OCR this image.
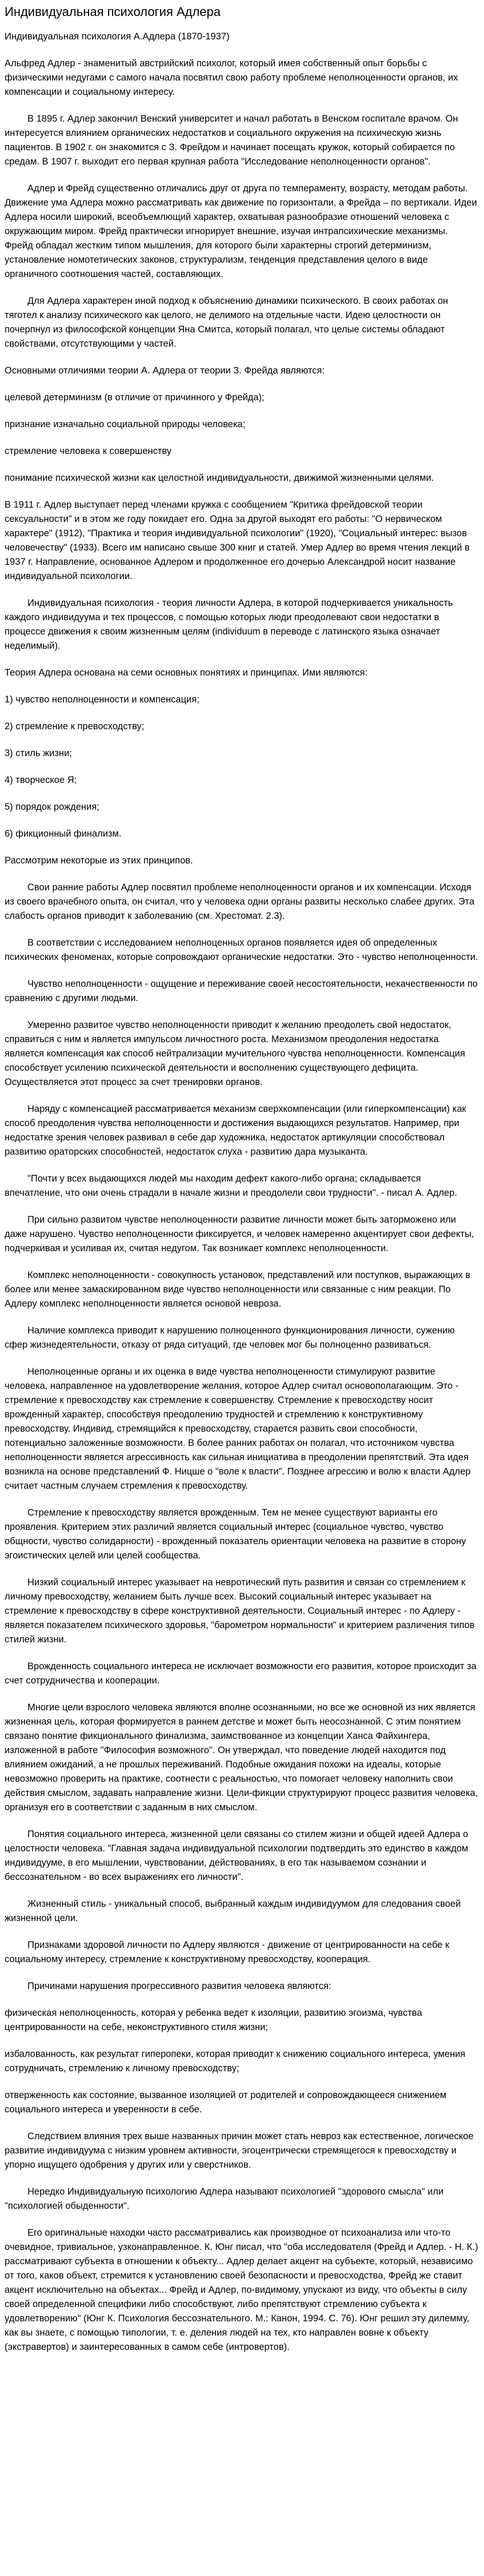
Индивидуальная психология Адлера

Индивидуальная психология А.Адлера (1870-1937)

Альфред Адлер - знаменитый австрийский психолог, который имея собственный опыт борьбы с физическими недугами с самого начала посвятил свою работу проблеме неполноценности органов, их компенсации и социальному интересу.

В 1895 г. Адлер закончил Венский университет и начал работать в Венском госпитале врачом. Он интересуется влиянием органических недостатков и социального окружения на психическую жизнь пациентов. В 1902 г. он знакомится с З. Фрейдом и начинает посещать кружок, который собирается по средам. В 1907 г. выходит его первая крупная работа "Исследование неполноценности органов".

Адлер и Фрейд существенно отличались друг от друга по темпераменту, возрасту, методам работы. Движение ума Адлера можно рассматривать как движение по горизонтали, а Фрейда – по вертикали. Идеи Адлера носили широкий, всеобъемлющий характер, охватывая разнообразие отношений человека с окружающим миром. Фрейд практически игнорирует внешние, изучая интрапсихические механизмы. Фрейд обладал жестким типом мышления, для которого были характерны строгий детерминизм, установление номотетических законов, структурализм, тенденция представления целого в виде органичного соотношения частей, составляющих.

Для Адлера характерен иной подход к объяснению динамики психического. В своих работах он тяготел к анализу психического как целого, не делимого на отдельные части. Идею целостности он почерпнул из философской концепции Яна Смитса, который полагал, что целые системы обладают свойствами, отсутствующими у частей.

Основными отличиями теории А. Адлера от теории З. Фрейда являются:

целевой детерминизм (в отличие от причинного у Фрейда);

признание изначально социальной природы человека;

стремление человека к совершенству

понимание психической жизни как целостной индивидуальности, движимой жизненными целями.

В 1911 г. Адлер выступает перед членами кружка с сообщением "Критика фрейдовской теории сексуальности" и в этом же году покидает его. Одна за другой выходят его работы: "О нервическом характере" (1912), "Практика и теория индивидуальной психологии" (1920), "Социальный интерес: вызов человечеству" (1933). Всего им написано свыше 300 книг и статей. Умер Адлер во время чтения лекций в 1937 г. Направление, основанное Адлером и продолженное его дочерью Александрой носит название индивидуальной психологии.

Индивидуальная психология - теория личности Адлера, в которой подчеркивается уникальность каждого индивидуума и тех процессов, с помощью которых люди преодолевают свои недостатки в процессе движения к своим жизненным целям (individuum в переводе с латинского языка означает неделимый).

Теория Адлера основана на семи основных понятиях и принципах. Ими являются:

1) чувство неполноценности и компенсация;

2) стремление к превосходству;

3) стиль жизни;

4) творческое Я;

5) порядок рождения;

6) фикционный финализм.

Рассмотрим некоторые из этих принципов.

Свои ранние работы Адлер посвятил проблеме неполноценности органов и их компенсации. Исходя из своего врачебного опыта, он считал, что у человека одни органы развиты несколько слабее других. Эта слабость органов приводит к заболеванию (см. Хрестомат. 2.3).

В соответствии с исследованием неполноценных органов появляется идея об определенных психических феноменах, которые сопровождают органические недостатки. Это - чувство неполноценности.

Чувство неполноценности - ощущение и переживание своей несостоятельности, некачественности по сравнению с другими людьми.

Умеренно развитое чувство неполноценности приводит к желанию преодолеть свой недостаток, справиться с ним и является импульсом личностного роста. Механизмом преодоления недостатка является компенсация как способ нейтрализации мучительного чувства неполноценности. Компенсация способствует усилению психической деятельности и восполнению существующего дефицита. Осуществляется этот процесс за счет тренировки органов.

Наряду с компенсацией рассматривается механизм сверхкомпенсации (или гиперкомпенсации) как способ преодоления чувства неполноценности и достижения выдающихся результатов. Например, при недостатке зрения человек развивал в себе дар художника, недостаток артикуляции способствовал развитию ораторских способностей, недостаток слуха - развитию дара музыканта.

"Почти у всех выдающихся людей мы находим дефект какого-либо органа; складывается впечатление, что они очень страдали в начале жизни и преодолели свои трудности". - писал А. Адлер.

При сильно развитом чувстве неполноценности развитие личности может быть заторможено или даже нарушено. Чувство неполноценности фиксируется, и человек намеренно акцентирует свои дефекты, подчеркивая и усиливая их, считая недугом. Так возникает комплекс неполноценности.

Комплекс неполноценности - совокупность установок, представлений или поступков, выражающих в более или менее замаскированном виде чувство неполноценности или связанные с ним реакции. По Адлеру комплекс неполноценности является основой невроза.

Наличие комплекса приводит к нарушению полноценного функционирования личности, сужению сфер жизнедеятельности, отказу от ряда ситуаций, где человек мог бы полноценно развиваться.

Неполноценные органы и их оценка в виде чувства неполноценности стимулируют развитие человека, направленное на удовлетворение желания, которое Адлер считал основополагающим. Это - стремление к превосходству как стремление к совершенству. Стремление к превосходству носит врожденный характер, способствуя преодолению трудностей и стремлению к конструктивному превосходству. Индивид, стремящийся к превосходству, старается развить свои способности, потенциально заложенные возможности. В более ранних работах он полагал, что источником чувства неполноценности является агрессивность как сильная инициатива в преодолении препятствий. Эта идея возникла на основе представлений Ф. Ницше о "воле к власти". Позднее агрессию и волю к власти Адлер считает частным случаем стремления к превосходству.

Стремление к превосходству является врожденным. Тем не менее существуют варианты его проявления. Критерием этих различий является социальный интерес (социальное чувство, чувство общности, чувство солидарности) - врожденный показатель ориентации человека на развитие в сторону эгоистических целей или целей сообщества.

Низкий социальный интерес указывает на невротический путь развития и связан со стремлением к личному превосходству, желанием быть лучше всех. Высокий социальный интерес указывает на стремление к превосходству в сфере конструктивной деятельности. Социальный интерес - по Адлеру - является показателем психического здоровья, "барометром нормальности" и критерием различения типов стилей жизни.

Врожденность социального интереса не исключает возможности его развития, которое происходит за счет сотрудничества и кооперации.

Многие цели взрослого человека являются вполне осознанными, но все же основной из них является жизненная цель, которая формируется в раннем детстве и может быть неосознанной. С этим понятием связано понятие фикционального финализма, заимствованное из концепции Ханса Файхингера, изложенной в работе "Философия возможного". Он утверждал, что поведение людей находится под влиянием ожиданий, а не прошлых переживаний. Подобные ожидания похожи на идеалы, которые невозможно проверить на практике, соотнести с реальностью, что помогает человеку наполнить свои действия смыслом, задавать направление жизни. Цели-фикции структурируют процесс развития человека, организуя его в соответствии с заданным в них смыслом.

Понятия социального интереса, жизненной цели связаны со стилем жизни и общей идеей Адлера о целостности человека. "Главная задача индивидуальной психологии подтвердить это единство в каждом индивидууме, в его мышлении, чувствовании, действованиях, в его так называемом сознании и бессознательном - во всех выражениях его личности".

Жизненный стиль - уникальный способ, выбранный каждым индивидуумом для следования своей жизненной цели.

Признаками здоровой личности по Адлеру являются - движение от центрированности на себе к социальному интересу, стремление к конструктивному превосходству, кооперация.

Причинами нарушения прогрессивного развития человека являются:

физическая неполноценность, которая у ребенка ведет к изоляции, развитию эгоизма, чувства центрированности на себе, неконструктивного стиля жизни;

избалованность, как результат гиперопеки, которая приводит к снижению социального интереса, умения сотрудничать, стремлению к личному превосходству;

отверженность как состояние, вызванное изоляцией от родителей и сопровождающееся снижением социального интереса и уверенности в себе.

Следствием влияния трех выше названных причин может стать невроз как естественное, логическое развитие индивидуума с низким уровнем активности, эгоцентрически стремящегося к превосходству и упорно ищущего одобрения у других или у сверстников.

Нередко Индивидуальную психологию Адлера называют психологией "здорового смысла" или "психологией обыденности".

Его оригинальные находки часто рассматривались как производное от психоанализа или что-то очевидное, тривиальное, узконаправленное. К. Юнг писал, что "оба исследователя (Фрейд и Адлер. - Н. К.) рассматривают субъекта в отношении к объекту... Адлер делает акцент на субъекте, который, независимо от того, каков объект, стремится к установлению своей безопасности и превосходства, Фрейд же ставит акцент исключительно на объектах... Фрейд и Адлер, по-видимому, упускают из виду, что объекты в силу своей определенной специфики либо способствуют, либо препятствуют стремлению субъекта к удовлетворению" (Юнг К. Психология бессознательного. М.: Канон, 1994. С. 76). Юнг решил эту дилемму, как вы знаете, с помощью типологии, т. е. деления людей на тех, кто направлен вовне к объекту (экстравертов) и заинтересованных в самом себе (интровертов).
